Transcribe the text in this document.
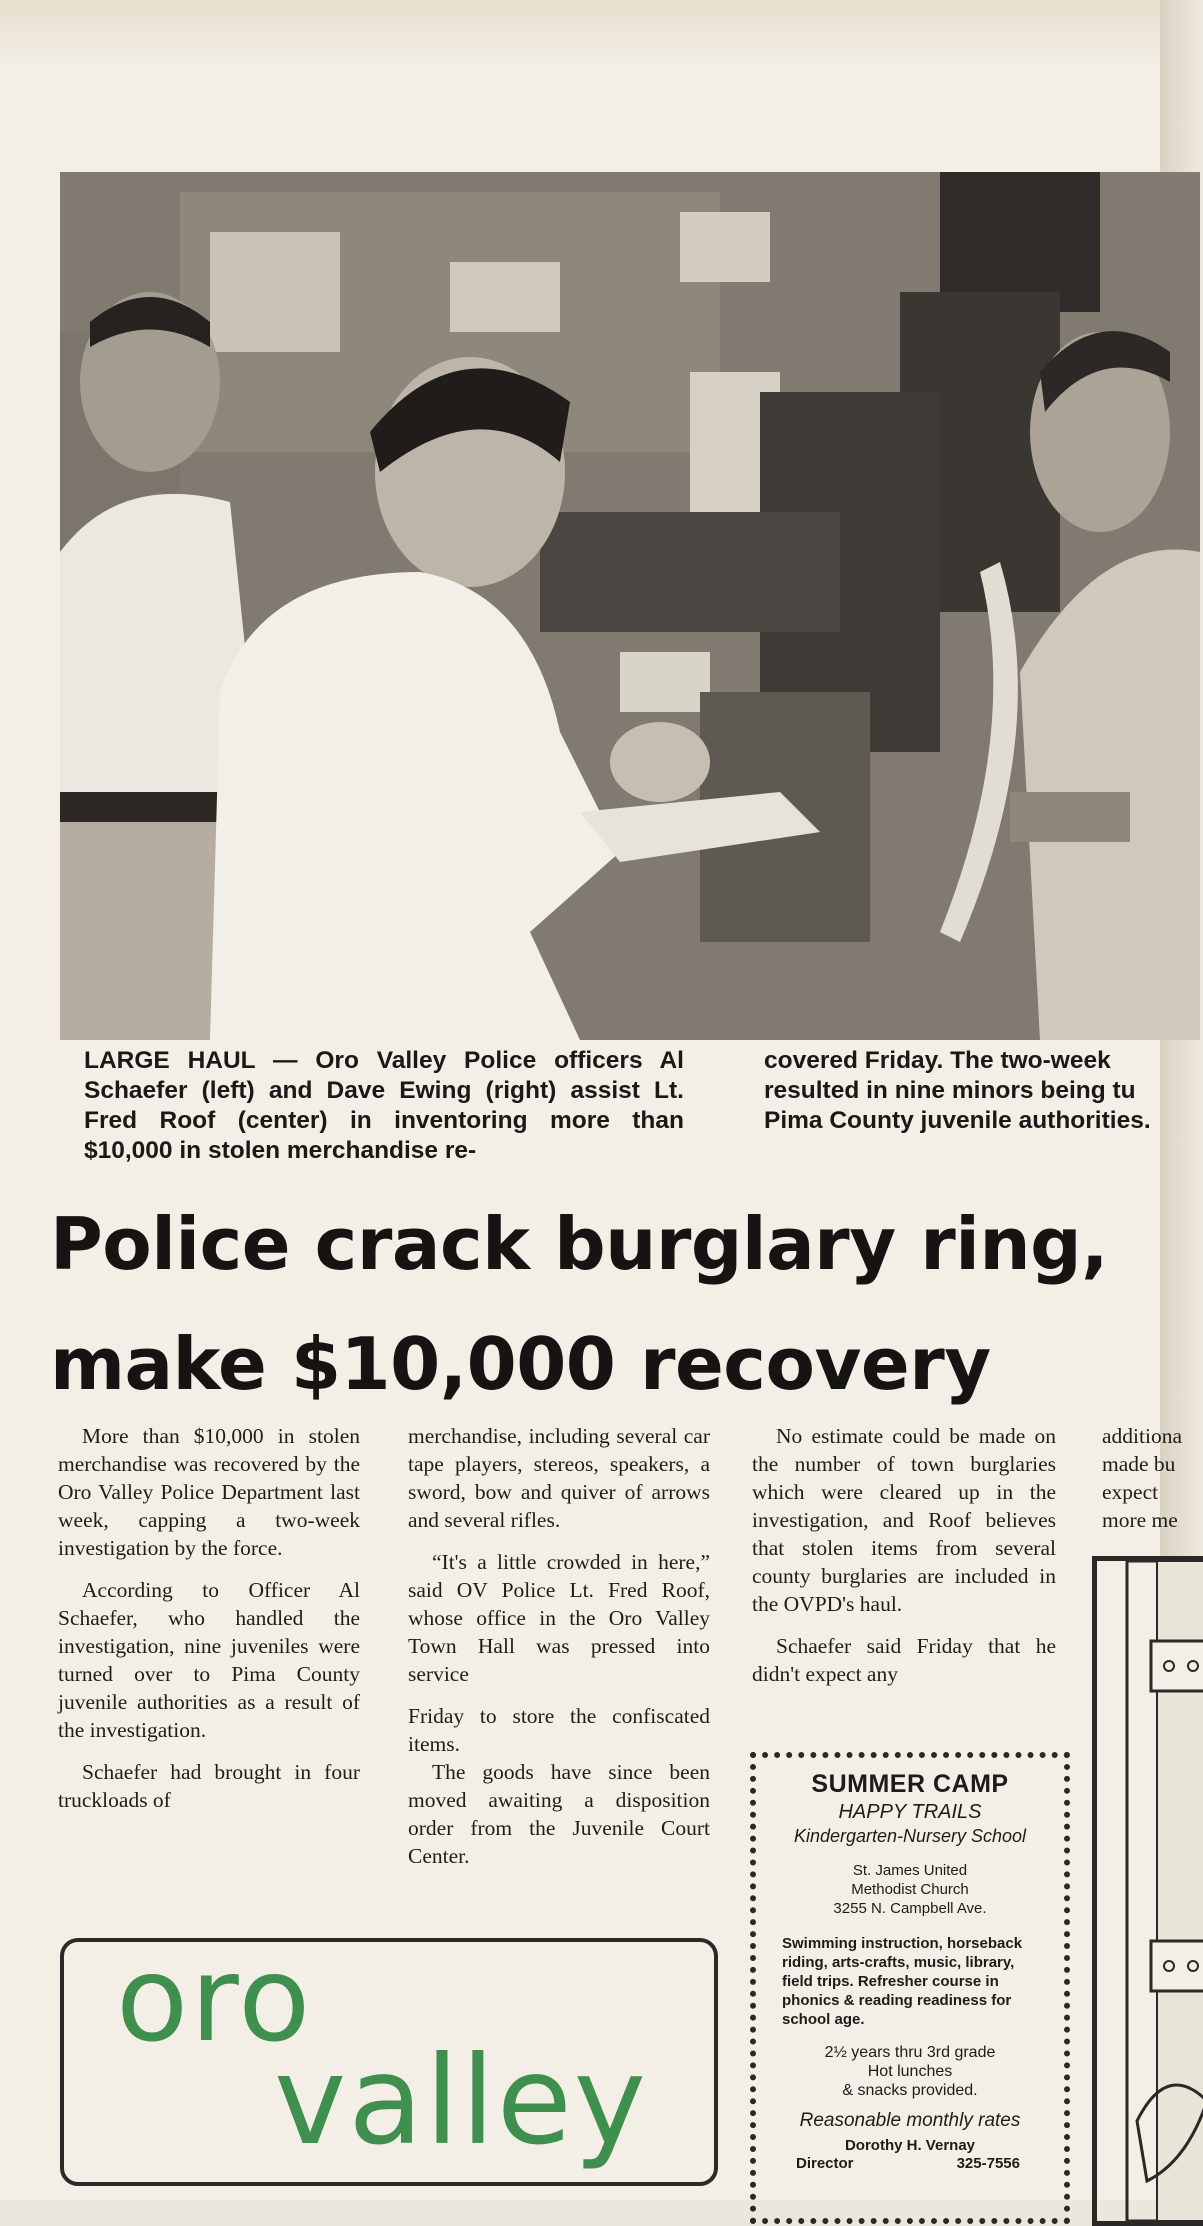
LARGE HAUL — Oro Valley Police officers Al Schaefer (left) and Dave Ewing (right) assist Lt. Fred Roof (center) in inventoring more than $10,000 in stolen merchandise re-
covered Friday. The two-week
resulted in nine minors being tu
Pima County juvenile authorities.
Police crack burglary ring,
make $10,000 recovery

More than $10,000 in stolen merchandise was recovered by the Oro Valley Police Department last week, capping a two-week investigation by the force.

According to Officer Al Schaefer, who handled the investigation, nine juveniles were turned over to Pima County juvenile authorities as a result of the investigation.

Schaefer had brought in four truckloads of

merchandise, including several car tape players, stereos, speakers, a sword, bow and quiver of arrows and several rifles.

“It's a little crowded in here,” said OV Police Lt. Fred Roof, whose office in the Oro Valley Town Hall was pressed into service

Friday to store the confiscated items.

The goods have since been moved awaiting a disposition order from the Juvenile Court Center.

No estimate could be made on the number of town burglaries which were cleared up in the investigation, and Roof believes that stolen items from several county burglaries are included in the OVPD's haul.

Schaefer said Friday that he didn't expect any

additiona
made bu
expect
more me
oro
valley
SUMMER CAMP
HAPPY TRAILS
Kindergarten-Nursery School
St. James United
Methodist Church
3255 N. Campbell Ave.
Swimming instruction, horseback riding, arts-crafts, music, library, field trips. Refresher course in phonics & reading readiness for school age.
2½ years thru 3rd grade
Hot lunches
& snacks provided.
Reasonable monthly rates
Dorothy H. Vernay
Director	325-7556
